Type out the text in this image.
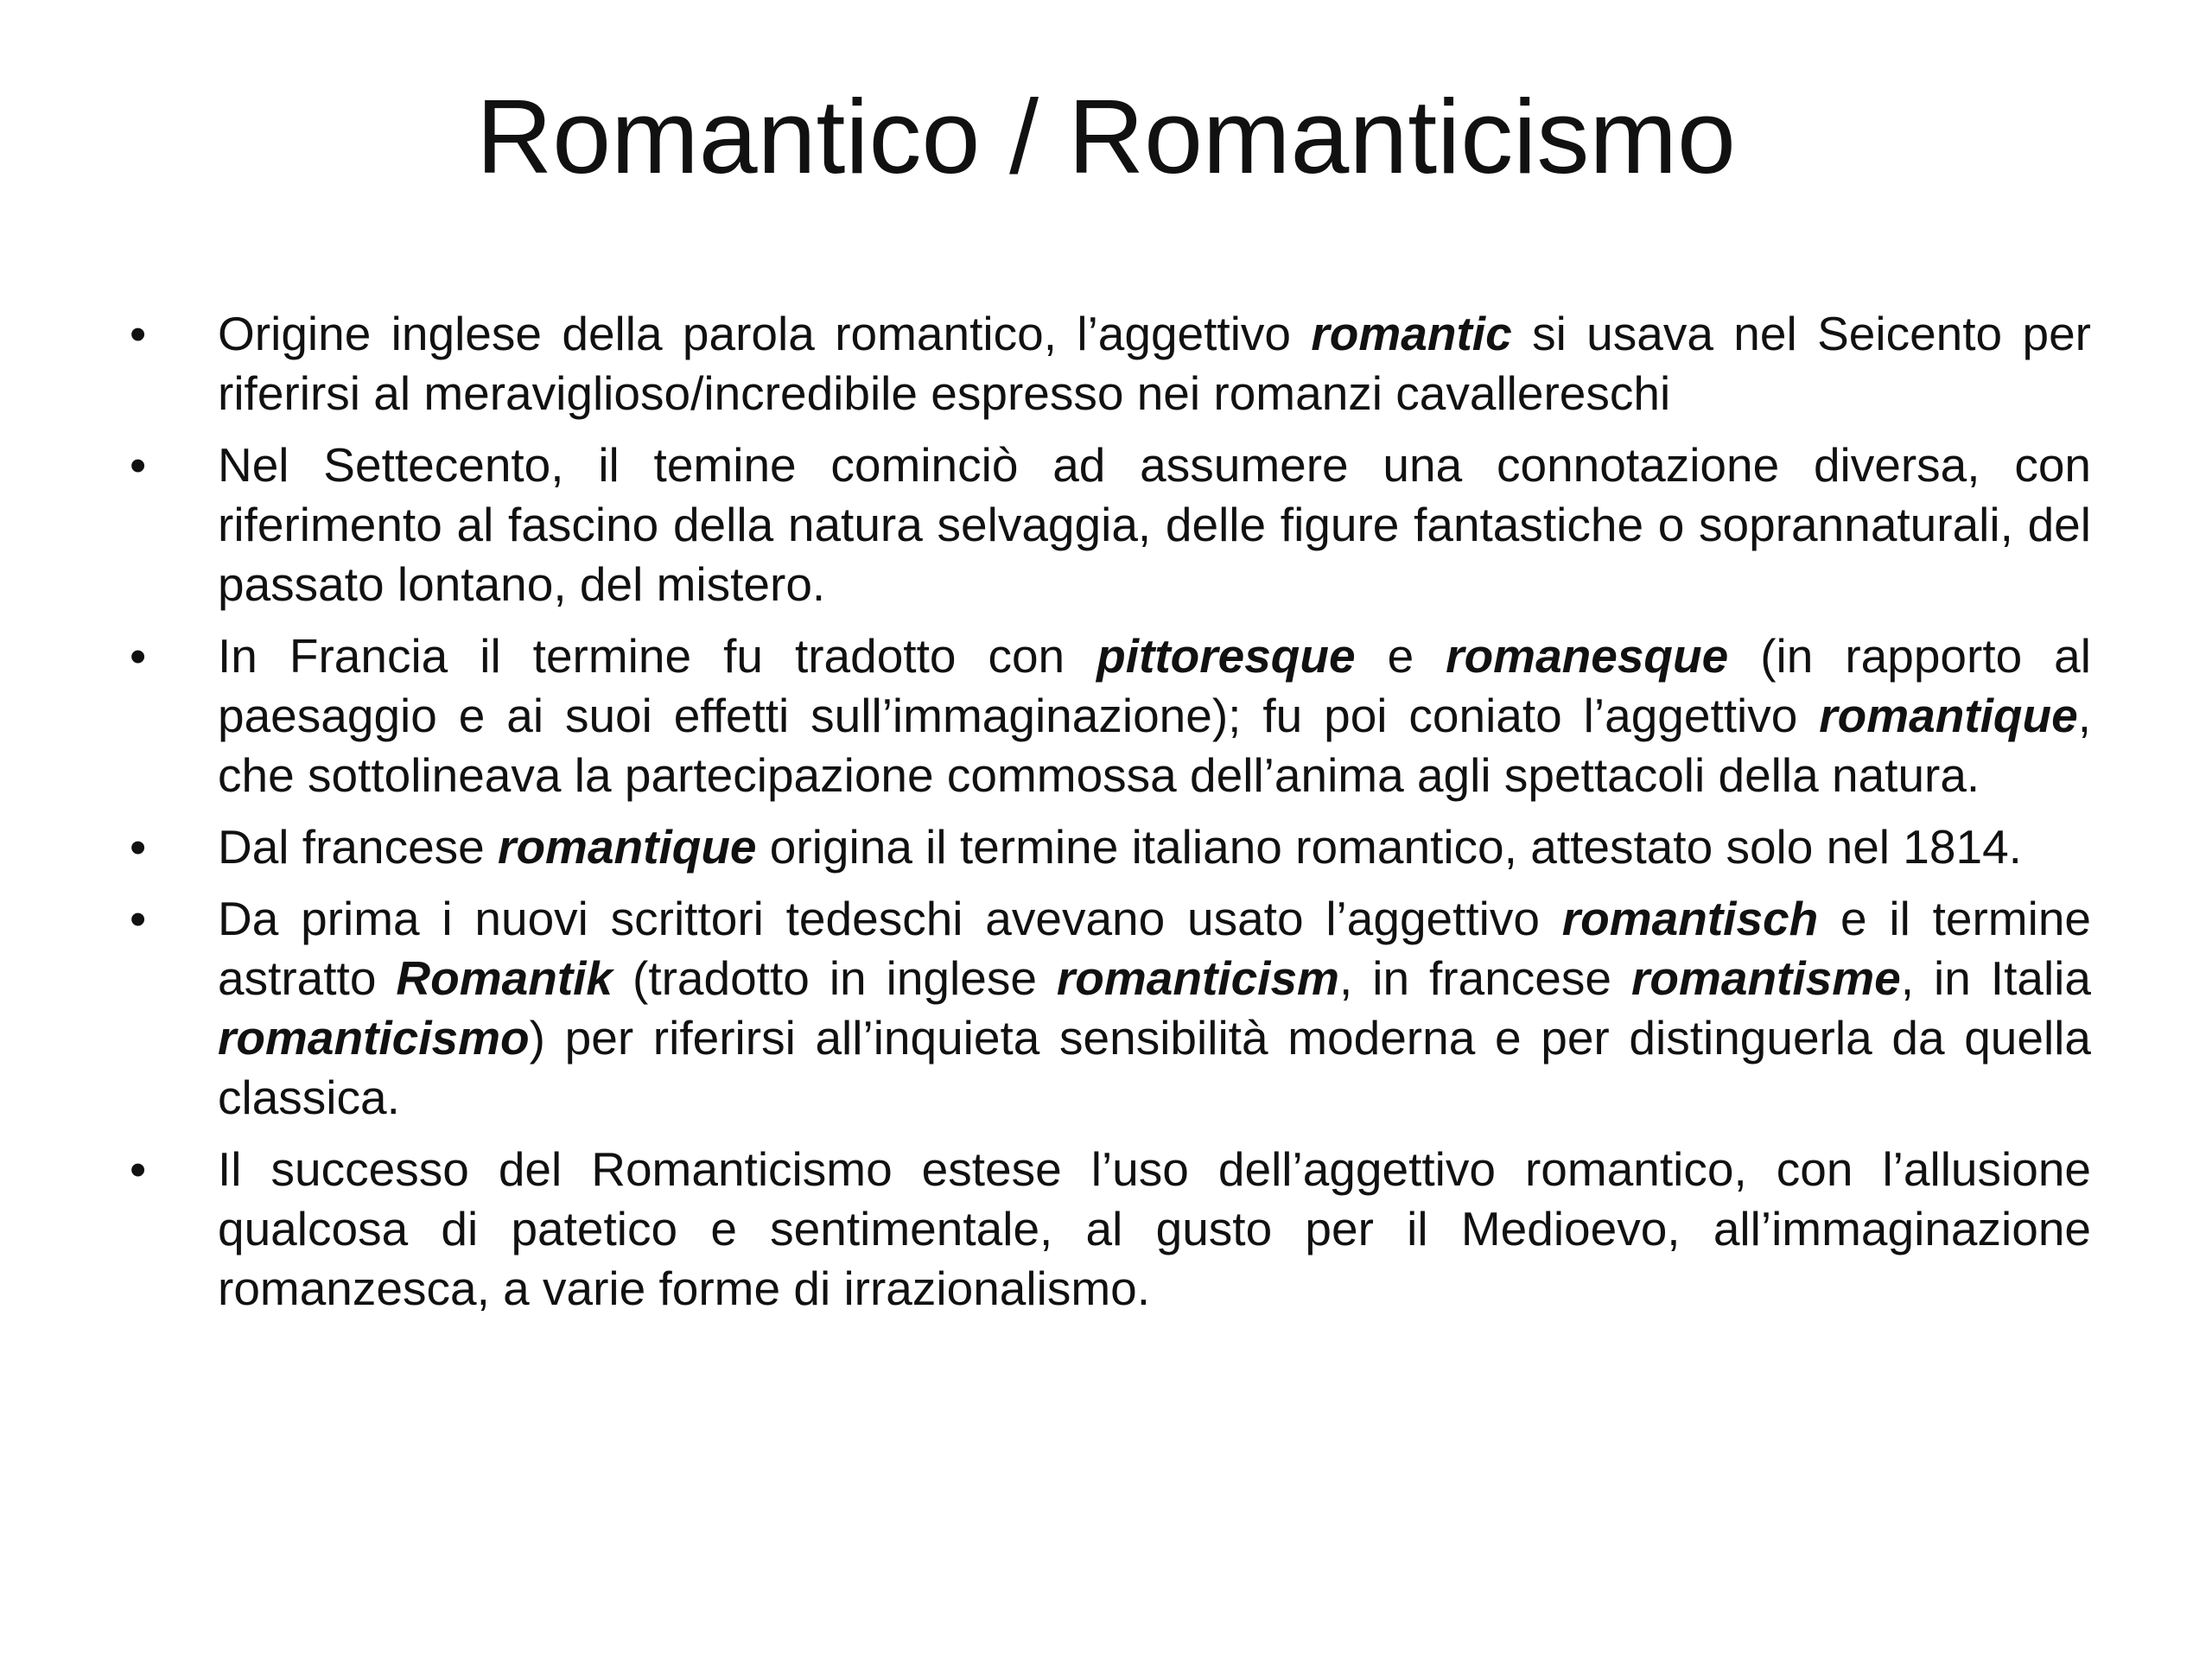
Romantico / Romanticismo
•	Origine inglese della parola romantico, l’aggettivo romantic si usava nel Seicento per riferirsi al meraviglioso/incredibile espresso nei romanzi cavallereschi
•	Nel Settecento, il temine cominciò ad assumere una connotazione diversa, con riferimento al fascino della natura selvaggia, delle figure fantastiche o soprannaturali, del passato lontano, del mistero.
•	In Francia il termine fu tradotto con pittoresque e romanesque (in rapporto al paesaggio e ai suoi effetti sull’immaginazione); fu poi coniato l’aggettivo romantique, che sottolineava la partecipazione commossa dell’anima agli spettacoli della natura.
•	Dal francese romantique origina il termine italiano romantico, attestato solo nel 1814.
•	Da prima i nuovi scrittori tedeschi avevano usato l’aggettivo romantisch e il termine astratto Romantik (tradotto in inglese romanticism, in francese romantisme, in Italia romanticismo) per riferirsi all’inquieta sensibilità moderna e per distinguerla da quella classica.
•	Il successo del Romanticismo estese l’uso dell’aggettivo romantico, con l’allusione qualcosa di patetico e sentimentale, al gusto per il Medioevo, all’immaginazione romanzesca, a varie forme di irrazionalismo.
